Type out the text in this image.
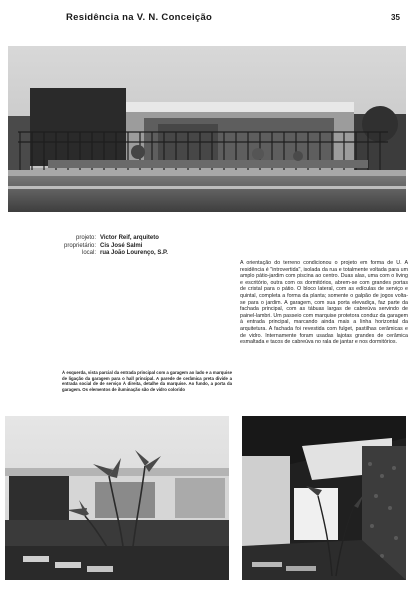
Residência na V. N. Conceição	35
projeto: Victor Reif, arquiteto
proprietário: Cis José Salmi
local: rua João Lourenço, S.P.
À esquerda, vista parcial da entrada principal com a garagem ao lado e a marquise de ligação da garagem para o hall principal. A parede de cerâmica preta divide a entrada social de de serviço À direita, detalhe da marquise. Ao fundo, a porta da garagem. Os elementos de iluminação são de vidro colorido
A orientação do terreno condicionou o projeto em forma de U. A residência é "introvertida", isolada da rua e totalmente voltada para um amplo pátio-jardim com piscina ao centro. Duas alas, uma com o living e escritório, outra com os dormitórios, abrem-se com grandes portas de cristal para o pátio. O bloco lateral, com as edículas de serviço e quintal, completa a forma da planta; somente o galpão de jogos volta-se para o jardim. A garagem, com sua porta elevadiça, faz parte da fachada principal, com as tábuas largas de cabreúva servindo de painel-lambri. Um passeio com marquise protetora conduz da garagem à entrada principal, marcando ainda mais a linha horizontal da arquitetura. A fachada foi revestida com fulget, pastilhas cerâmicas e de vidro. Internamente foram usadas lajotas grandes de cerâmica esmaltada e tacos de cabreúva no rala de jantar e nos dormitórios.
